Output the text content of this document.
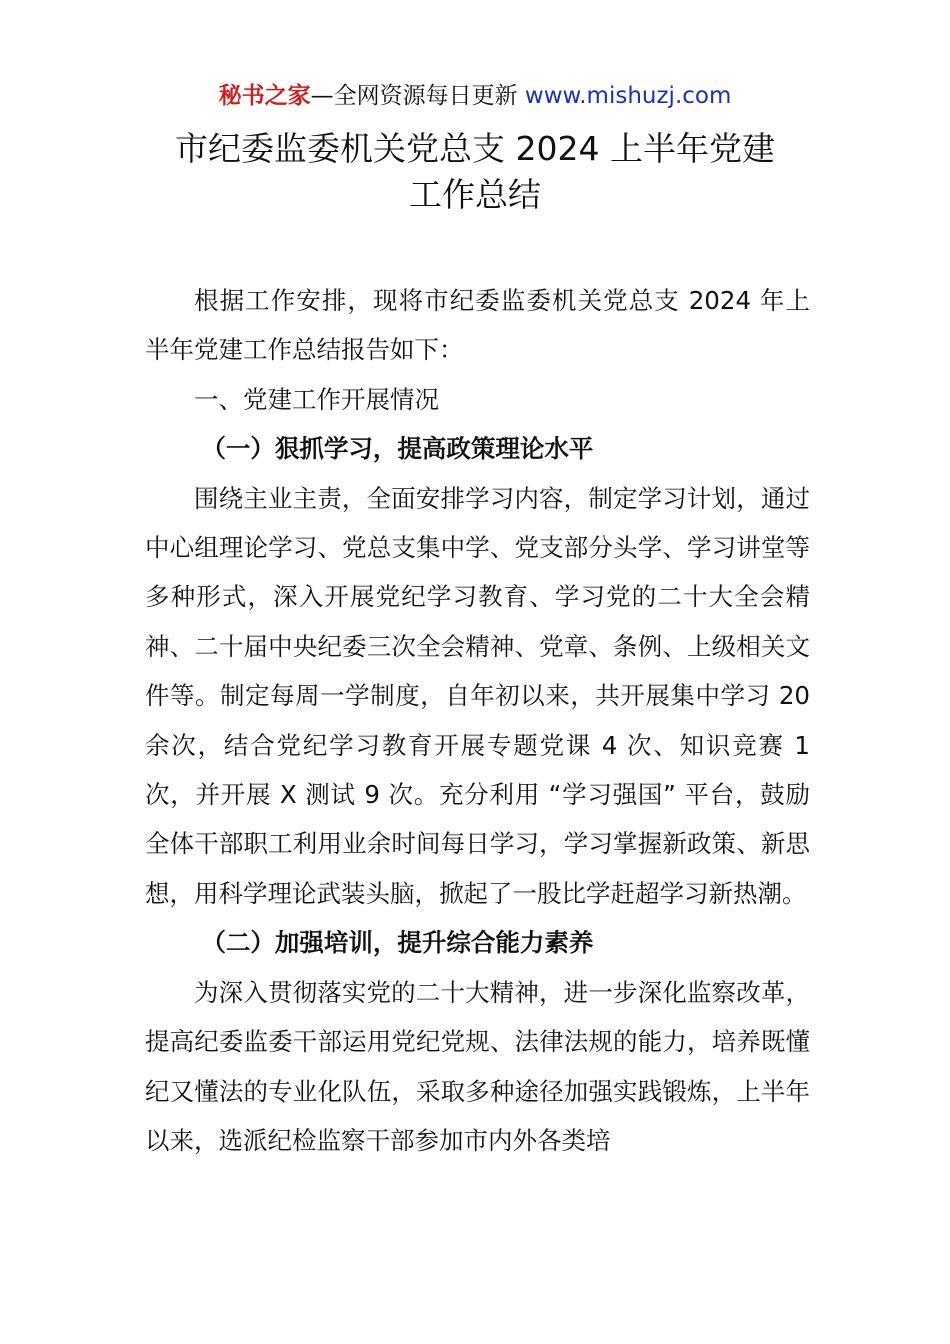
秘书之家—全网资源每日更新 www.mishuzj.com
市纪委监委机关党总支 2024 上半年党建
工作总结

根据工作安排，现将市纪委监委机关党总支 2024 年上半年党建工作总结报告如下：

一、党建工作开展情况

（一）狠抓学习，提高政策理论水平

围绕主业主责，全面安排学习内容，制定学习计划，通过中心组理论学习、党总支集中学、党支部分头学、学习讲堂等多种形式，深入开展党纪学习教育、学习党的二十大全会精神、二十届中央纪委三次全会精神、党章、条例、上级相关文件等。制定每周一学制度，自年初以来，共开展集中学习 20 余次，结合党纪学习教育开展专题党课 4 次、知识竞赛 1 次，并开展 X 测试 9 次。充分利用 “学习强国” 平台，鼓励全体干部职工利用业余时间每日学习，学习掌握新政策、新思想，用科学理论武装头脑，掀起了一股比学赶超学习新热潮。

（二）加强培训，提升综合能力素养

为深入贯彻落实党的二十大精神，进一步深化监察改革，提高纪委监委干部运用党纪党规、法律法规的能力，培养既懂纪又懂法的专业化队伍，采取多种途径加强实践锻炼，上半年以来，选派纪检监察干部参加市内外各类培
